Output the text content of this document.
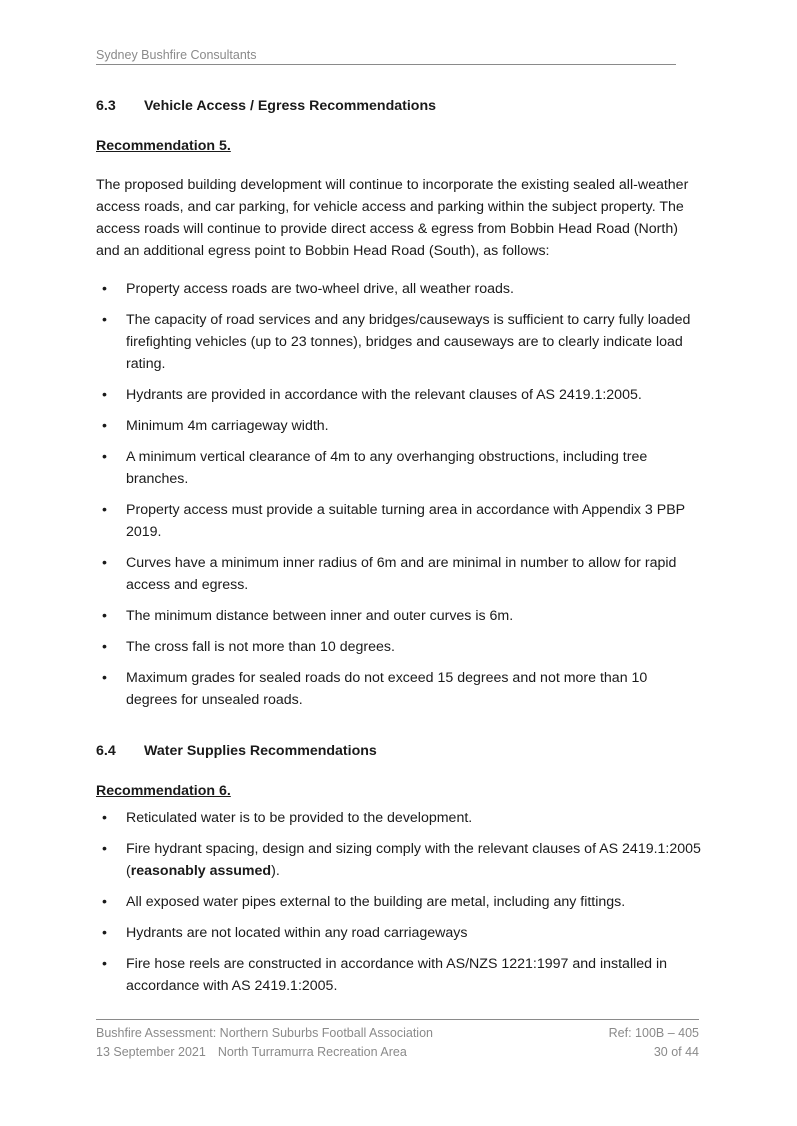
Sydney Bushfire Consultants
6.3	Vehicle Access / Egress Recommendations

Recommendation 5.

The proposed building development will continue to incorporate the existing sealed all-weather access roads, and car parking, for vehicle access and parking within the subject property. The access roads will continue to provide direct access & egress from Bobbin Head Road (North) and an additional egress point to Bobbin Head Road (South), as follows:

• Property access roads are two-wheel drive, all weather roads.
• The capacity of road services and any bridges/causeways is sufficient to carry fully loaded firefighting vehicles (up to 23 tonnes), bridges and causeways are to clearly indicate load rating.
• Hydrants are provided in accordance with the relevant clauses of AS 2419.1:2005.
• Minimum 4m carriageway width.
• A minimum vertical clearance of 4m to any overhanging obstructions, including tree branches.
• Property access must provide a suitable turning area in accordance with Appendix 3 PBP 2019.
• Curves have a minimum inner radius of 6m and are minimal in number to allow for rapid access and egress.
• The minimum distance between inner and outer curves is 6m.
• The cross fall is not more than 10 degrees.
• Maximum grades for sealed roads do not exceed 15 degrees and not more than 10 degrees for unsealed roads.
6.4	Water Supplies Recommendations

Recommendation 6.

• Reticulated water is to be provided to the development.
• Fire hydrant spacing, design and sizing comply with the relevant clauses of AS 2419.1:2005 (reasonably assumed).
• All exposed water pipes external to the building are metal, including any fittings.
• Hydrants are not located within any road carriageways
• Fire hose reels are constructed in accordance with AS/NZS 1221:1997 and installed in accordance with AS 2419.1:2005.
Bushfire Assessment: Northern Suburbs Football Association	Ref: 100B – 405
13 September 2021 North Turramurra Recreation Area	30 of 44
